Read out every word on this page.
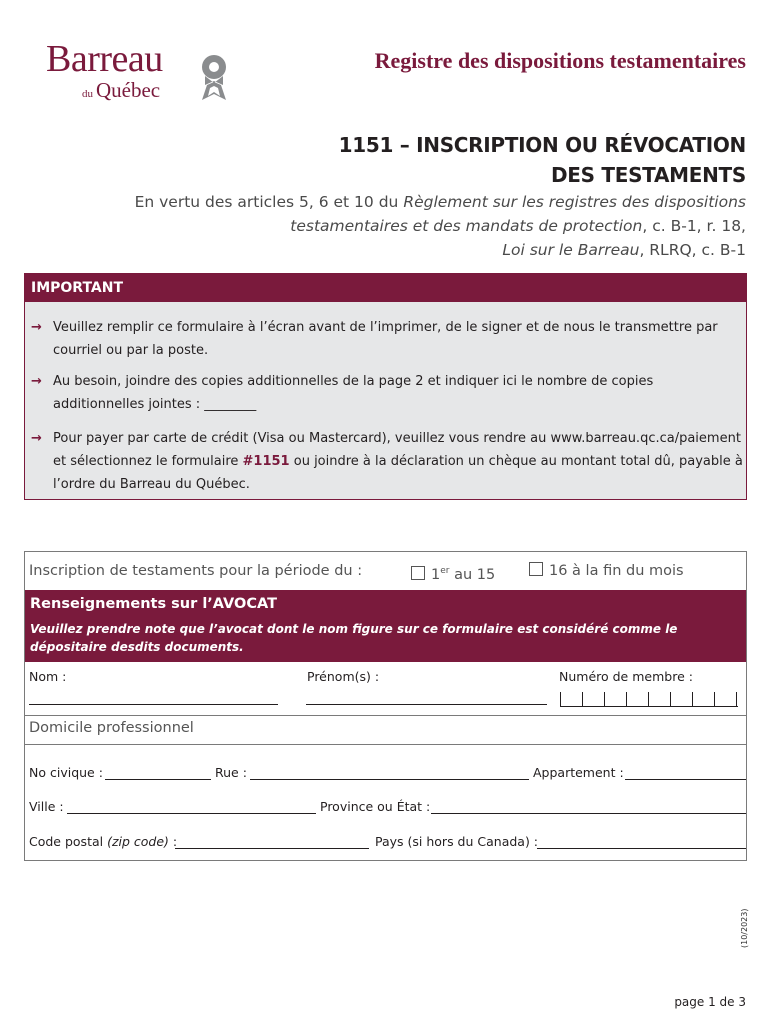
Barreau
du Québec
Registre des dispositions testamentaires
1151 – INSCRIPTION OU RÉVOCATION
DES TESTAMENTS
En vertu des articles 5, 6 et 10 du Règlement sur les registres des dispositions testamentaires et des mandats de protection, c. B-1, r. 18,
Loi sur le Barreau, RLRQ, c. B-1
IMPORTANT
→ Veuillez remplir ce formulaire à l’écran avant de l’imprimer, de le signer et de nous le transmettre par courriel ou par la poste.
→ Au besoin, joindre des copies additionnelles de la page 2 et indiquer ici le nombre de copies additionnelles jointes : ________
→ Pour payer par carte de crédit (Visa ou Mastercard), veuillez vous rendre au www.barreau.qc.ca/paiement et sélectionnez le formulaire #1151 ou joindre à la déclaration un chèque au montant total dû, payable à l’ordre du Barreau du Québec.
Inscription de testaments pour la période du :	1er au 15	16 à la fin du mois
Renseignements sur l’AVOCAT
Veuillez prendre note que l’avocat dont le nom figure sur ce formulaire est considéré comme le dépositaire desdits documents.
Nom :	Prénom(s) :	Numéro de membre :
Domicile professionnel
No civique :	Rue :	Appartement :
Ville :	Province ou État :
Code postal (zip code) :	Pays (si hors du Canada) :
(10/2023)
page 1 de 3
